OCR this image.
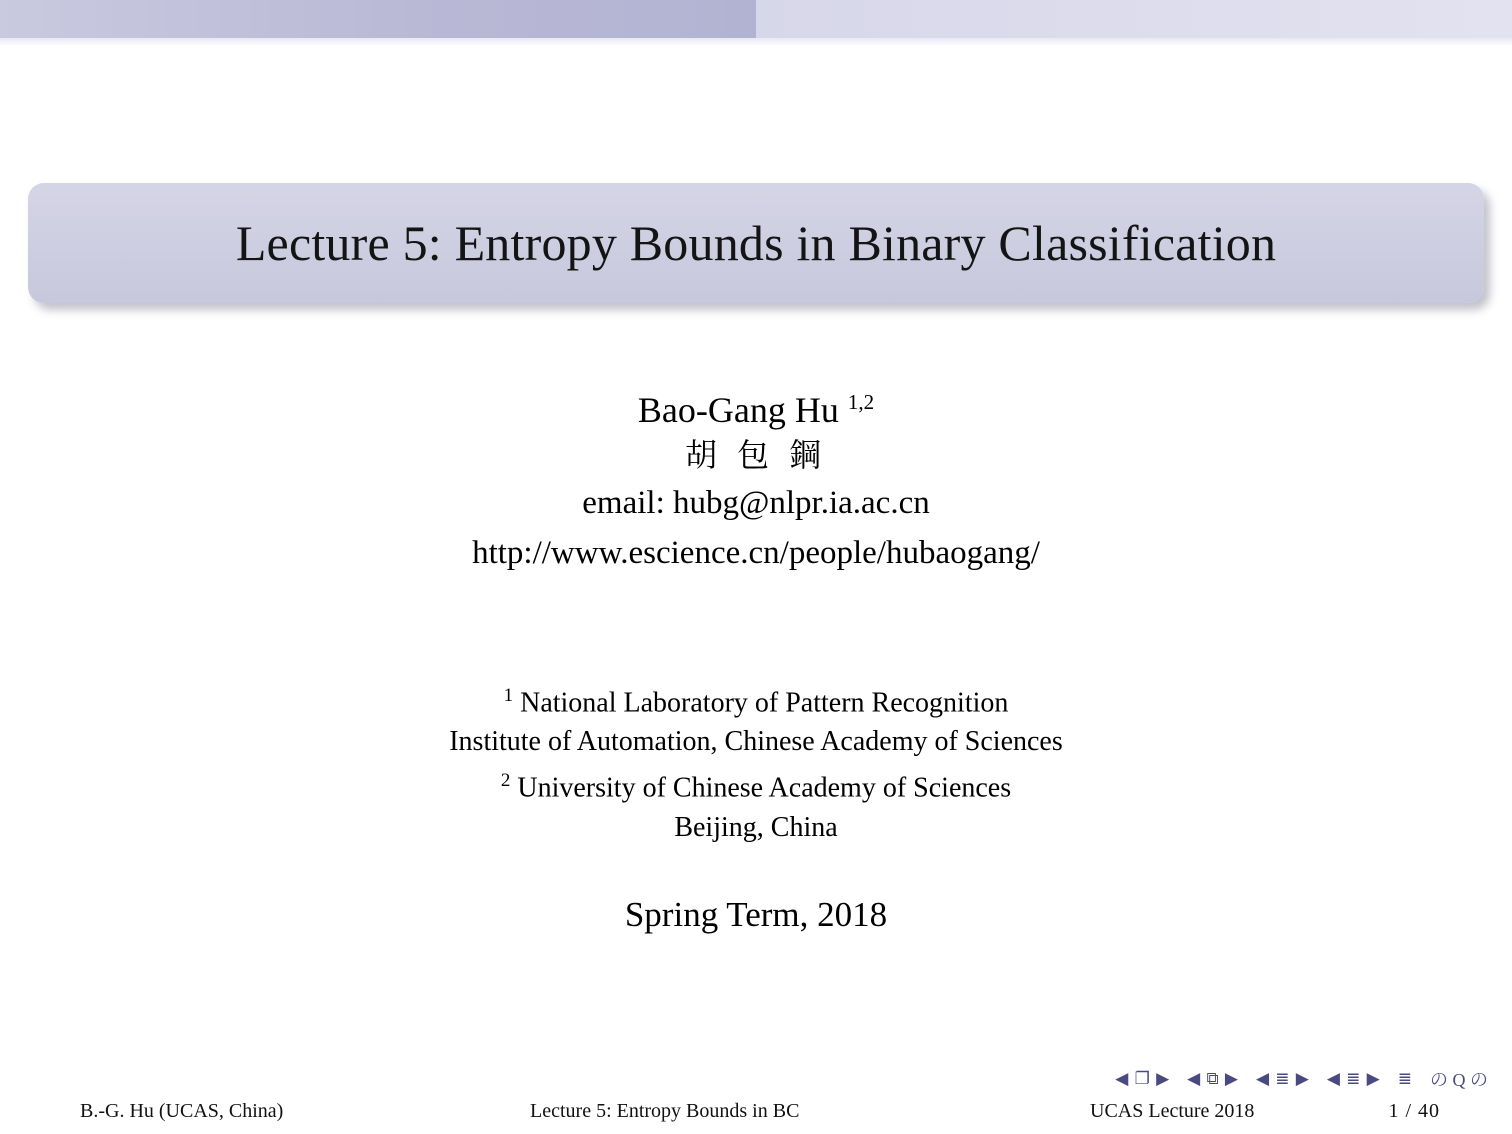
Lecture 5: Entropy Bounds in Binary Classification
Bao-Gang Hu $^{1,2}$
胡 包 鋼
email: hubg@nlpr.ia.ac.cn
http://www.escience.cn/people/hubaogang/
$^1$ National Laboratory of Pattern Recognition
Institute of Automation, Chinese Academy of Sciences
$^2$ University of Chinese Academy of Sciences
Beijing, China
Spring Term, 2018
◀ ❐ ▶ ◀ ⧉ ▶ ◀ ≣ ▶ ◀ ≣ ▶ ≣ の Q の
B.-G. Hu (UCAS, China)	Lecture 5: Entropy Bounds in BC	UCAS Lecture 2018	1 / 40
